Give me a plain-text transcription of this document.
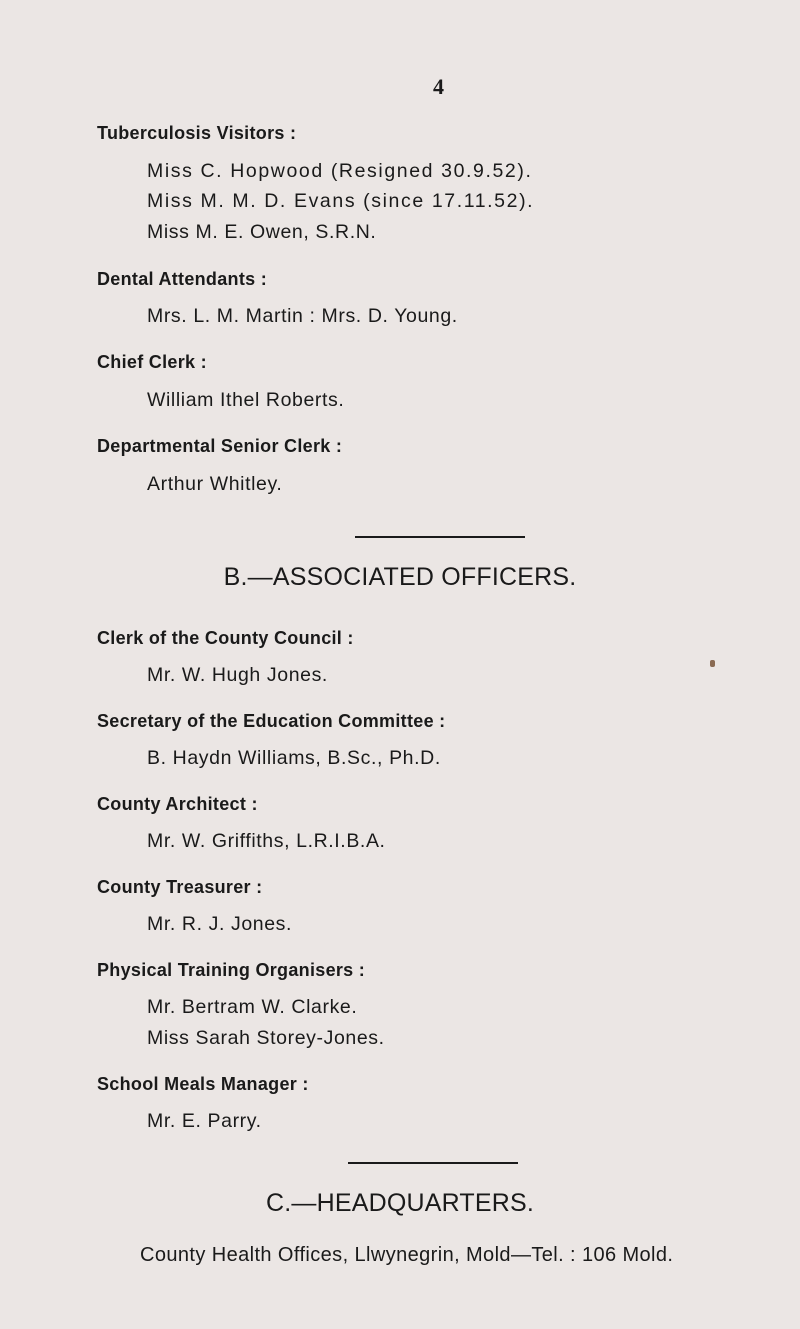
4
Tuberculosis Visitors :
Miss C. Hopwood (Resigned 30.9.52).
Miss M. M. D. Evans (since 17.11.52).
Miss M. E. Owen, S.R.N.
Dental Attendants :
Mrs. L. M. Martin : Mrs. D. Young.
Chief Clerk :
William Ithel Roberts.
Departmental Senior Clerk :
Arthur Whitley.
B.—ASSOCIATED OFFICERS.
Clerk of the County Council :
Mr. W. Hugh Jones.
Secretary of the Education Committee :
B. Haydn Williams, B.Sc., Ph.D.
County Architect :
Mr. W. Griffiths, L.R.I.B.A.
County Treasurer :
Mr. R. J. Jones.
Physical Training Organisers :
Mr. Bertram W. Clarke.
Miss Sarah Storey-Jones.
School Meals Manager :
Mr. E. Parry.
C.—HEADQUARTERS.
County Health Offices, Llwynegrin, Mold—Tel. : 106 Mold.
